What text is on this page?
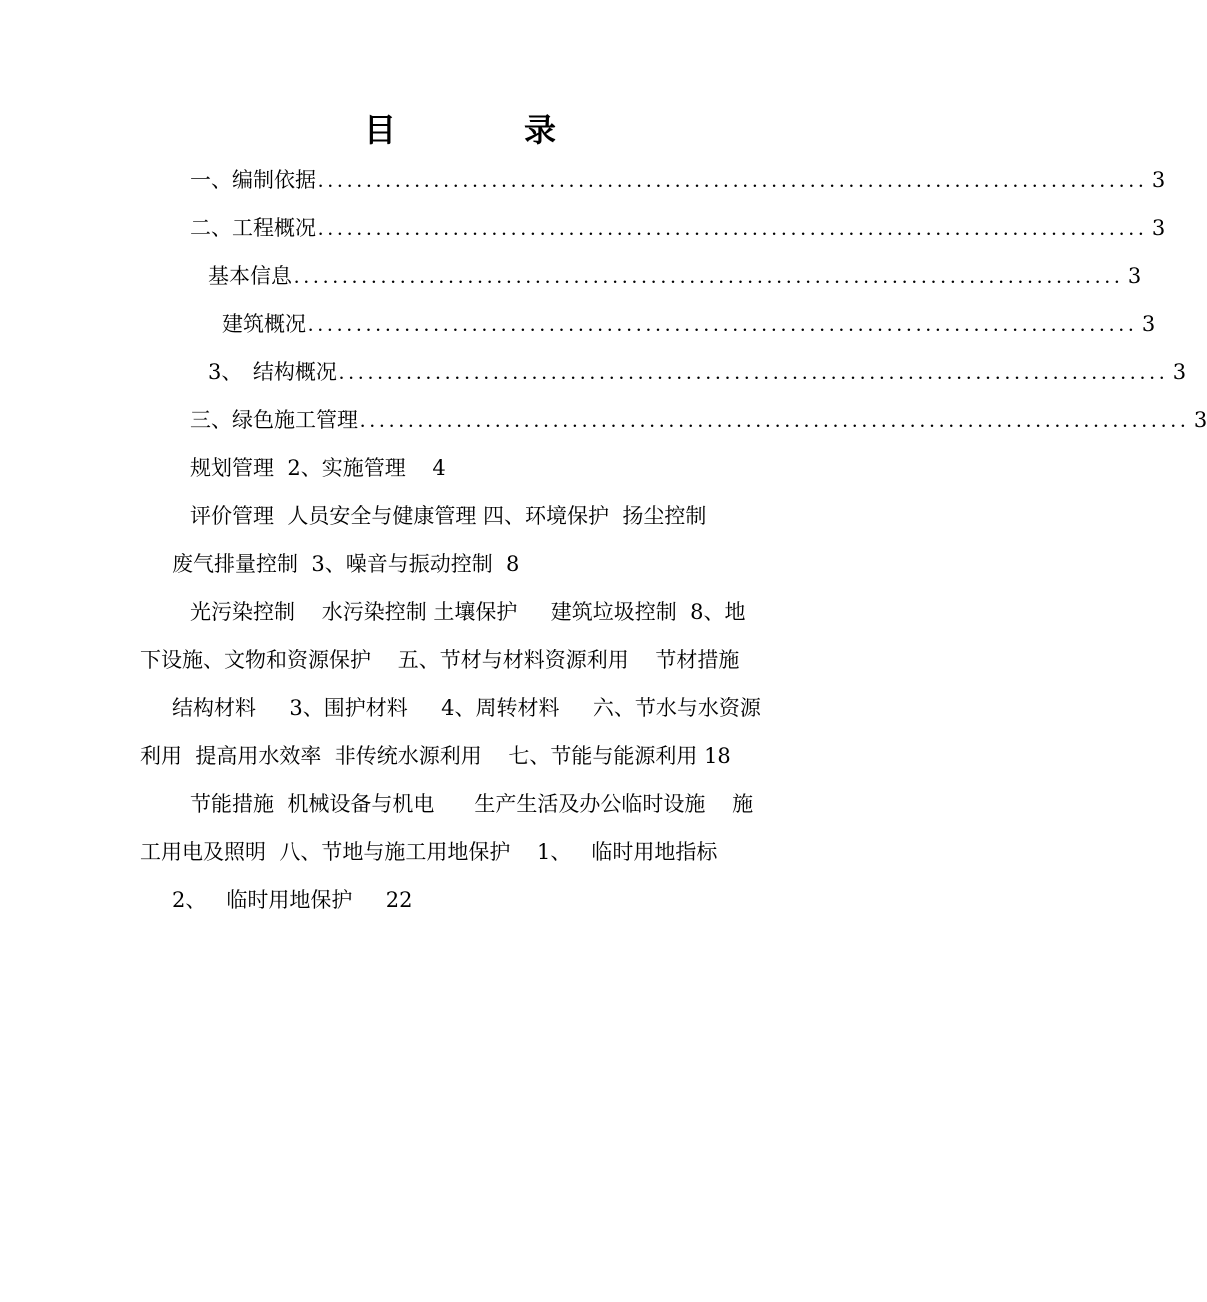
目　录
一、编制依据 ...................................................................................... 3
二、工程概况 ...................................................................................... 3
基本信息 ...................................................................................... 3
建筑概况 ...................................................................................... 3
3、　结构概况 ...................................................................................... 3
三、绿色施工管理 ...................................................................................... 3
规划管理  2、实施管理    4
评价管理  人员安全与健康管理 四、环境保护  扬尘控制
废气排量控制  3、噪音与振动控制  8
光污染控制    水污染控制 土壤保护     建筑垃圾控制  8、地
下设施、文物和资源保护    五、节材与材料资源利用    节材措施
结构材料     3、围护材料     4、周转材料     六、节水与水资源
利用  提高用水效率  非传统水源利用    七、节能与能源利用 18
节能措施  机械设备与机电      生产生活及办公临时设施    施
工用电及照明  八、节地与施工用地保护    1、   临时用地指标
2、   临时用地保护     22
